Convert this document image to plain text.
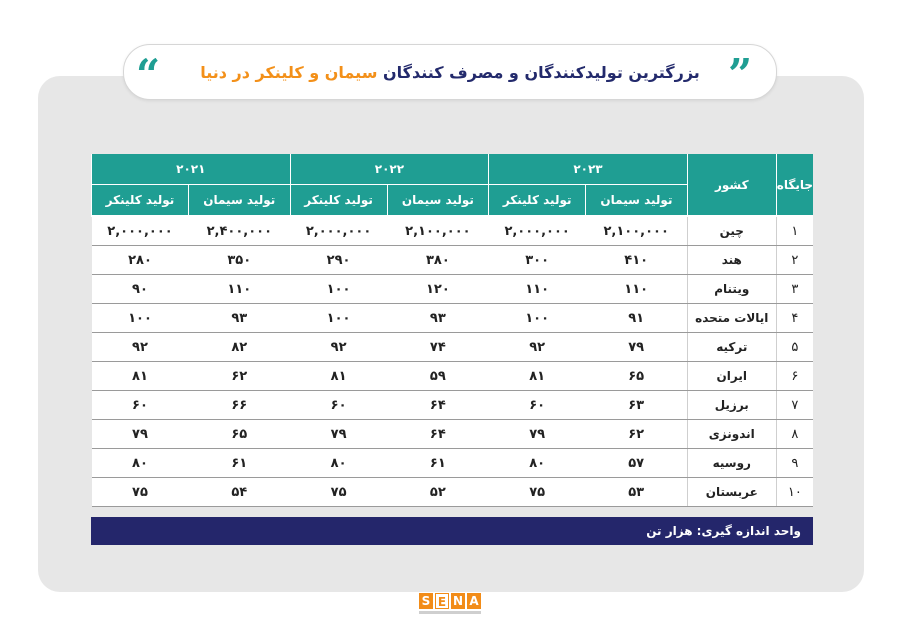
بزرگترین تولیدکنندگان و مصرف کنندگان سیمان و کلینکر در دنیا	”
“
جایگاه	کشور	۲۰۲۳		۲۰۲۲		۲۰۲۱	
		تولید سیمان	تولید کلینکر	تولید سیمان	تولید کلینکر	تولید سیمان	تولید کلینکر
۱	چین	۲,۱۰۰,۰۰۰	۲,۰۰۰,۰۰۰	۲,۱۰۰,۰۰۰	۲,۰۰۰,۰۰۰	۲,۴۰۰,۰۰۰	۲,۰۰۰,۰۰۰
۲	هند	۴۱۰	۳۰۰	۳۸۰	۲۹۰	۳۵۰	۲۸۰
۳	ویتنام	۱۱۰	۱۱۰	۱۲۰	۱۰۰	۱۱۰	۹۰
۴	ایالات متحده	۹۱	۱۰۰	۹۳	۱۰۰	۹۳	۱۰۰
۵	ترکیه	۷۹	۹۲	۷۴	۹۲	۸۲	۹۲
۶	ایران	۶۵	۸۱	۵۹	۸۱	۶۲	۸۱
۷	برزیل	۶۳	۶۰	۶۴	۶۰	۶۶	۶۰
۸	اندونزی	۶۲	۷۹	۶۴	۷۹	۶۵	۷۹
۹	روسیه	۵۷	۸۰	۶۱	۸۰	۶۱	۸۰
۱۰	عربستان	۵۳	۷۵	۵۲	۷۵	۵۴	۷۵
واحد اندازه گیری: هزار تن
S E N A
